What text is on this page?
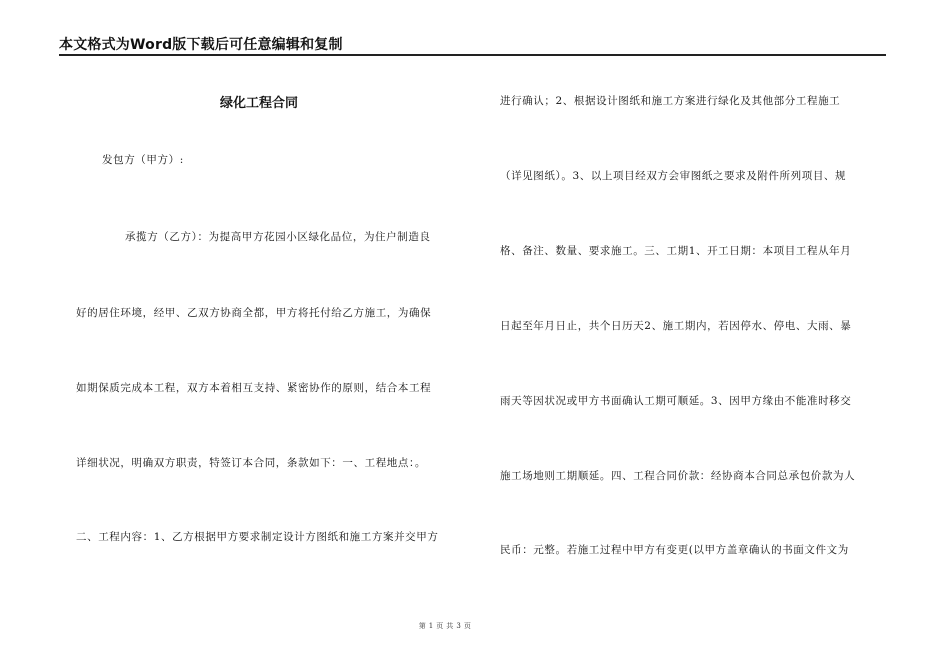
本文格式为Word版下载后可任意编辑和复制
绿化工程合同
发包方（甲方）:
承揽方（乙方）：为提高甲方花园小区绿化品位，为住户制造良
好的居住环境，经甲、乙双方协商全都，甲方将托付给乙方施工，为确保
如期保质完成本工程，双方本着相互支持、紧密协作的原则，结合本工程
详细状况，明确双方职责，特签订本合同，条款如下：一、工程地点：。
二、工程内容：1、乙方根据甲方要求制定设计方图纸和施工方案并交甲方
进行确认；2、根据设计图纸和施工方案进行绿化及其他部分工程施工
（详见图纸）。3、以上项目经双方会审图纸之要求及附件所列项目、规
格、备注、数量、要求施工。三、工期1、开工日期：本项目工程从年月
日起至年月日止，共个日历天2、施工期内，若因停水、停电、大雨、暴
雨天等因状况或甲方书面确认工期可顺延。3、因甲方缘由不能准时移交
施工场地则工期顺延。四、工程合同价款：经协商本合同总承包价款为人
民币：元整。若施工过程中甲方有变更(以甲方盖章确认的书面文件文为
第 1 页 共 3 页
